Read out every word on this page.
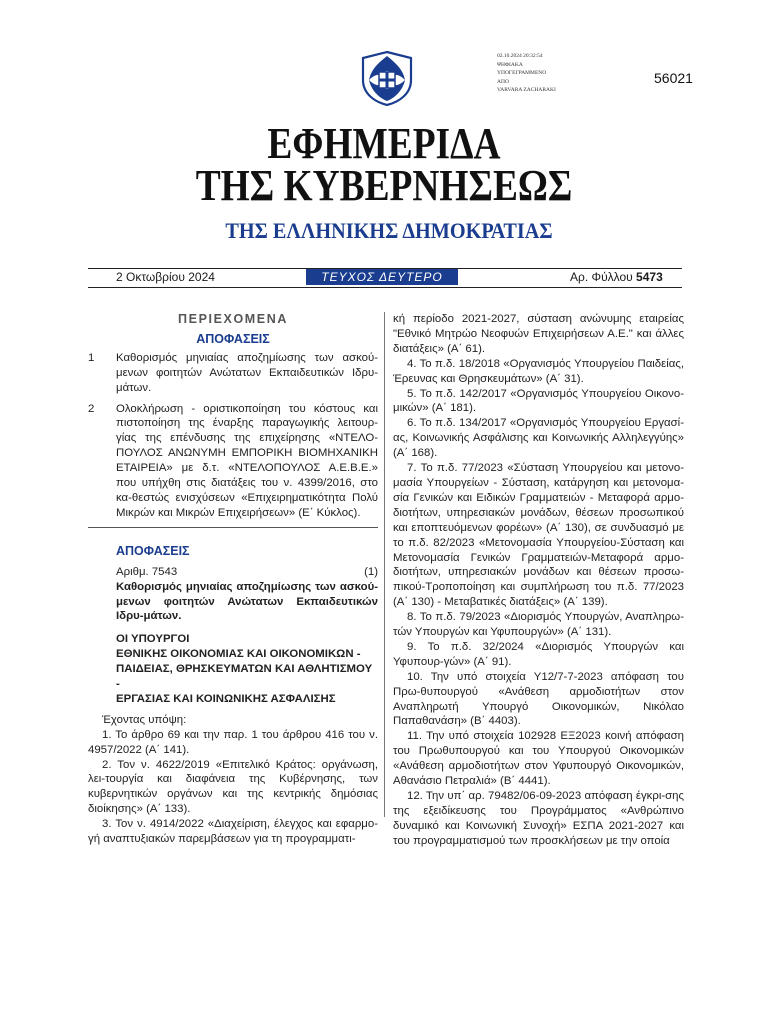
02.10.2024 20:32:54
ΨΗΦΙΑΚΑ
ΥΠΟΓΕΓΡΑΜΜΕΝΟ
ΑΠΟ
VARVARA ZACHARAKI
56021
ΕΦΗΜΕΡΙΔΑ
ΤΗΣ ΚΥΒΕΡΝΗΣΕΩΣ
ΤΗΣ ΕΛΛΗΝΙΚΗΣ ΔΗΜΟΚΡΑΤΙΑΣ
2 Οκτωβρίου 2024	ΤΕΥΧΟΣ ΔΕΥΤΕΡΟ	Αρ. Φύλλου 5473

ΠΕΡΙΕΧΟΜΕΝΑ

ΑΠΟΦΑΣΕΙΣ

1	Καθορισμός μηνιαίας αποζημίωσης των ασκού-μενων φοιτητών Ανώτατων Εκπαιδευτικών Ιδρυ-μάτων.
2	Ολοκλήρωση - οριστικοποίηση του κόστους και πιστοποίηση της έναρξης παραγωγικής λειτουρ-γίας της επένδυσης της επιχείρησης «ΝΤΕΛΟ-ΠΟΥΛΟΣ ΑΝΩΝΥΜΗ ΕΜΠΟΡΙΚΗ ΒΙΟΜΗΧΑΝΙΚΗ ΕΤΑΙΡΕΙΑ» με δ.τ. «ΝΤΕΛΟΠΟΥΛΟΣ Α.Ε.Β.Ε.» που υπήχθη στις διατάξεις του ν. 4399/2016, στο κα-θεστώς ενισχύσεων «Επιχειρηματικότητα Πολύ Μικρών και Μικρών Επιχειρήσεων» (Ε΄ Κύκλος).

ΑΠΟΦΑΣΕΙΣ

Αριθμ. 7543	(1)

Καθορισμός μηνιαίας αποζημίωσης των ασκού-μενων φοιτητών Ανώτατων Εκπαιδευτικών Ιδρυ-μάτων.

ΟΙ ΥΠΟΥΡΓΟΙ
ΕΘΝΙΚΗΣ ΟΙΚΟΝΟΜΙΑΣ ΚΑΙ ΟΙΚΟΝΟΜΙΚΩΝ -
ΠΑΙΔΕΙΑΣ, ΘΡΗΣΚΕΥΜΑΤΩΝ ΚΑΙ ΑΘΛΗΤΙΣΜΟΥ -
ΕΡΓΑΣΙΑΣ ΚΑΙ ΚΟΙΝΩΝΙΚΗΣ ΑΣΦΑΛΙΣΗΣ

Έχοντας υπόψη:

1. Το άρθρο 69 και την παρ. 1 του άρθρου 416 του ν. 4957/2022 (Α΄ 141).

2. Τον ν. 4622/2019 «Επιτελικό Κράτος: οργάνωση, λει-τουργία και διαφάνεια της Κυβέρνησης, των κυβερνητικών οργάνων και της κεντρικής δημόσιας διοίκησης» (Α΄ 133).

3. Τον ν. 4914/2022 «Διαχείριση, έλεγχος και εφαρμο-γή αναπτυξιακών παρεμβάσεων για τη προγραμματι-

κή περίοδο 2021-2027, σύσταση ανώνυμης εταιρείας "Εθνικό Μητρώο Νεοφυών Επιχειρήσεων Α.Ε." και άλλες διατάξεις» (Α΄ 61).

4. Το π.δ. 18/2018 «Οργανισμός Υπουργείου Παιδείας, Έρευνας και Θρησκευμάτων» (Α΄ 31).

5. Το π.δ. 142/2017 «Οργανισμός Υπουργείου Οικονο-μικών» (Α΄ 181).

6. Το π.δ. 134/2017 «Οργανισμός Υπουργείου Εργασί-ας, Κοινωνικής Ασφάλισης και Κοινωνικής Αλληλεγγύης» (Α΄ 168).

7. Το π.δ. 77/2023 «Σύσταση Υπουργείου και μετονο-μασία Υπουργείων - Σύσταση, κατάργηση και μετονομα-σία Γενικών και Ειδικών Γραμματειών - Μεταφορά αρμο-διοτήτων, υπηρεσιακών μονάδων, θέσεων προσωπικού και εποπτευόμενων φορέων» (Α΄ 130), σε συνδυασμό με το π.δ. 82/2023 «Μετονομασία Υπουργείου-Σύσταση και Μετονομασία Γενικών Γραμματειών-Μεταφορά αρμο-διοτήτων, υπηρεσιακών μονάδων και θέσεων προσω-πικού-Τροποποίηση και συμπλήρωση του π.δ. 77/2023 (Α΄ 130) - Μεταβατικές διατάξεις» (Α΄ 139).

8. Το π.δ. 79/2023 «Διορισμός Υπουργών, Αναπληρω-τών Υπουργών και Υφυπουργών» (Α΄ 131).

9. Το π.δ. 32/2024 «Διορισμός Υπουργών και Υφυπουρ-γών» (Α΄ 91).

10. Την υπό στοιχεία Υ12/7-7-2023 απόφαση του Πρω-θυπουργού «Ανάθεση αρμοδιοτήτων στον Αναπληρωτή Υπουργό Οικονομικών, Νικόλαο Παπαθανάση» (Β΄ 4403).

11. Την υπό στοιχεία 102928 ΕΞ2023 κοινή απόφαση του Πρωθυπουργού και του Υπουργού Οικονομικών «Ανάθεση αρμοδιοτήτων στον Υφυπουργό Οικονομικών, Αθανάσιο Πετραλιά» (Β΄ 4441).

12. Την υπ΄ αρ. 79482/06-09-2023 απόφαση έγκρι-σης της εξειδίκευσης του Προγράμματος «Ανθρώπινο δυναμικό και Κοινωνική Συνοχή» ΕΣΠΑ 2021-2027 και του προγραμματισμού των προσκλήσεων με την οποία
